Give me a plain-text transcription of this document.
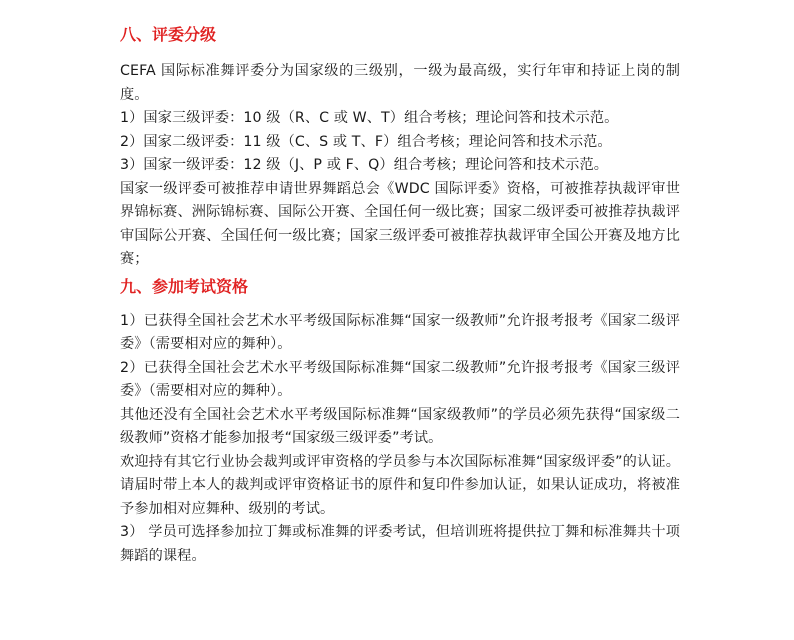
八、评委分级

CEFA 国际标准舞评委分为国家级的三级别，一级为最高级，实行年审和持证上岗的制度。

1）国家三级评委：10 级（R、C 或 W、T）组合考核；理论问答和技术示范。

2）国家二级评委：11 级（C、S 或 T、F）组合考核；理论问答和技术示范。

3）国家一级评委：12 级（J、P 或 F、Q）组合考核；理论问答和技术示范。

国家一级评委可被推荐申请世界舞蹈总会《WDC 国际评委》资格，可被推荐执裁评审世界锦标赛、洲际锦标赛、国际公开赛、全国任何一级比赛；国家二级评委可被推荐执裁评审国际公开赛、全国任何一级比赛；国家三级评委可被推荐执裁评审全国公开赛及地方比赛；

九、参加考试资格

1）已获得全国社会艺术水平考级国际标准舞“国家一级教师”允许报考报考《国家二级评委》（需要相对应的舞种）。

2）已获得全国社会艺术水平考级国际标准舞“国家二级教师”允许报考报考《国家三级评委》（需要相对应的舞种）。

其他还没有全国社会艺术水平考级国际标准舞“国家级教师”的学员必须先获得“国家级二级教师”资格才能参加报考“国家级三级评委”考试。

欢迎持有其它行业协会裁判或评审资格的学员参与本次国际标准舞“国家级评委”的认证。请届时带上本人的裁判或评审资格证书的原件和复印件参加认证，如果认证成功，将被准予参加相对应舞种、级别的考试。

3） 学员可选择参加拉丁舞或标准舞的评委考试，但培训班将提供拉丁舞和标准舞共十项舞蹈的课程。
